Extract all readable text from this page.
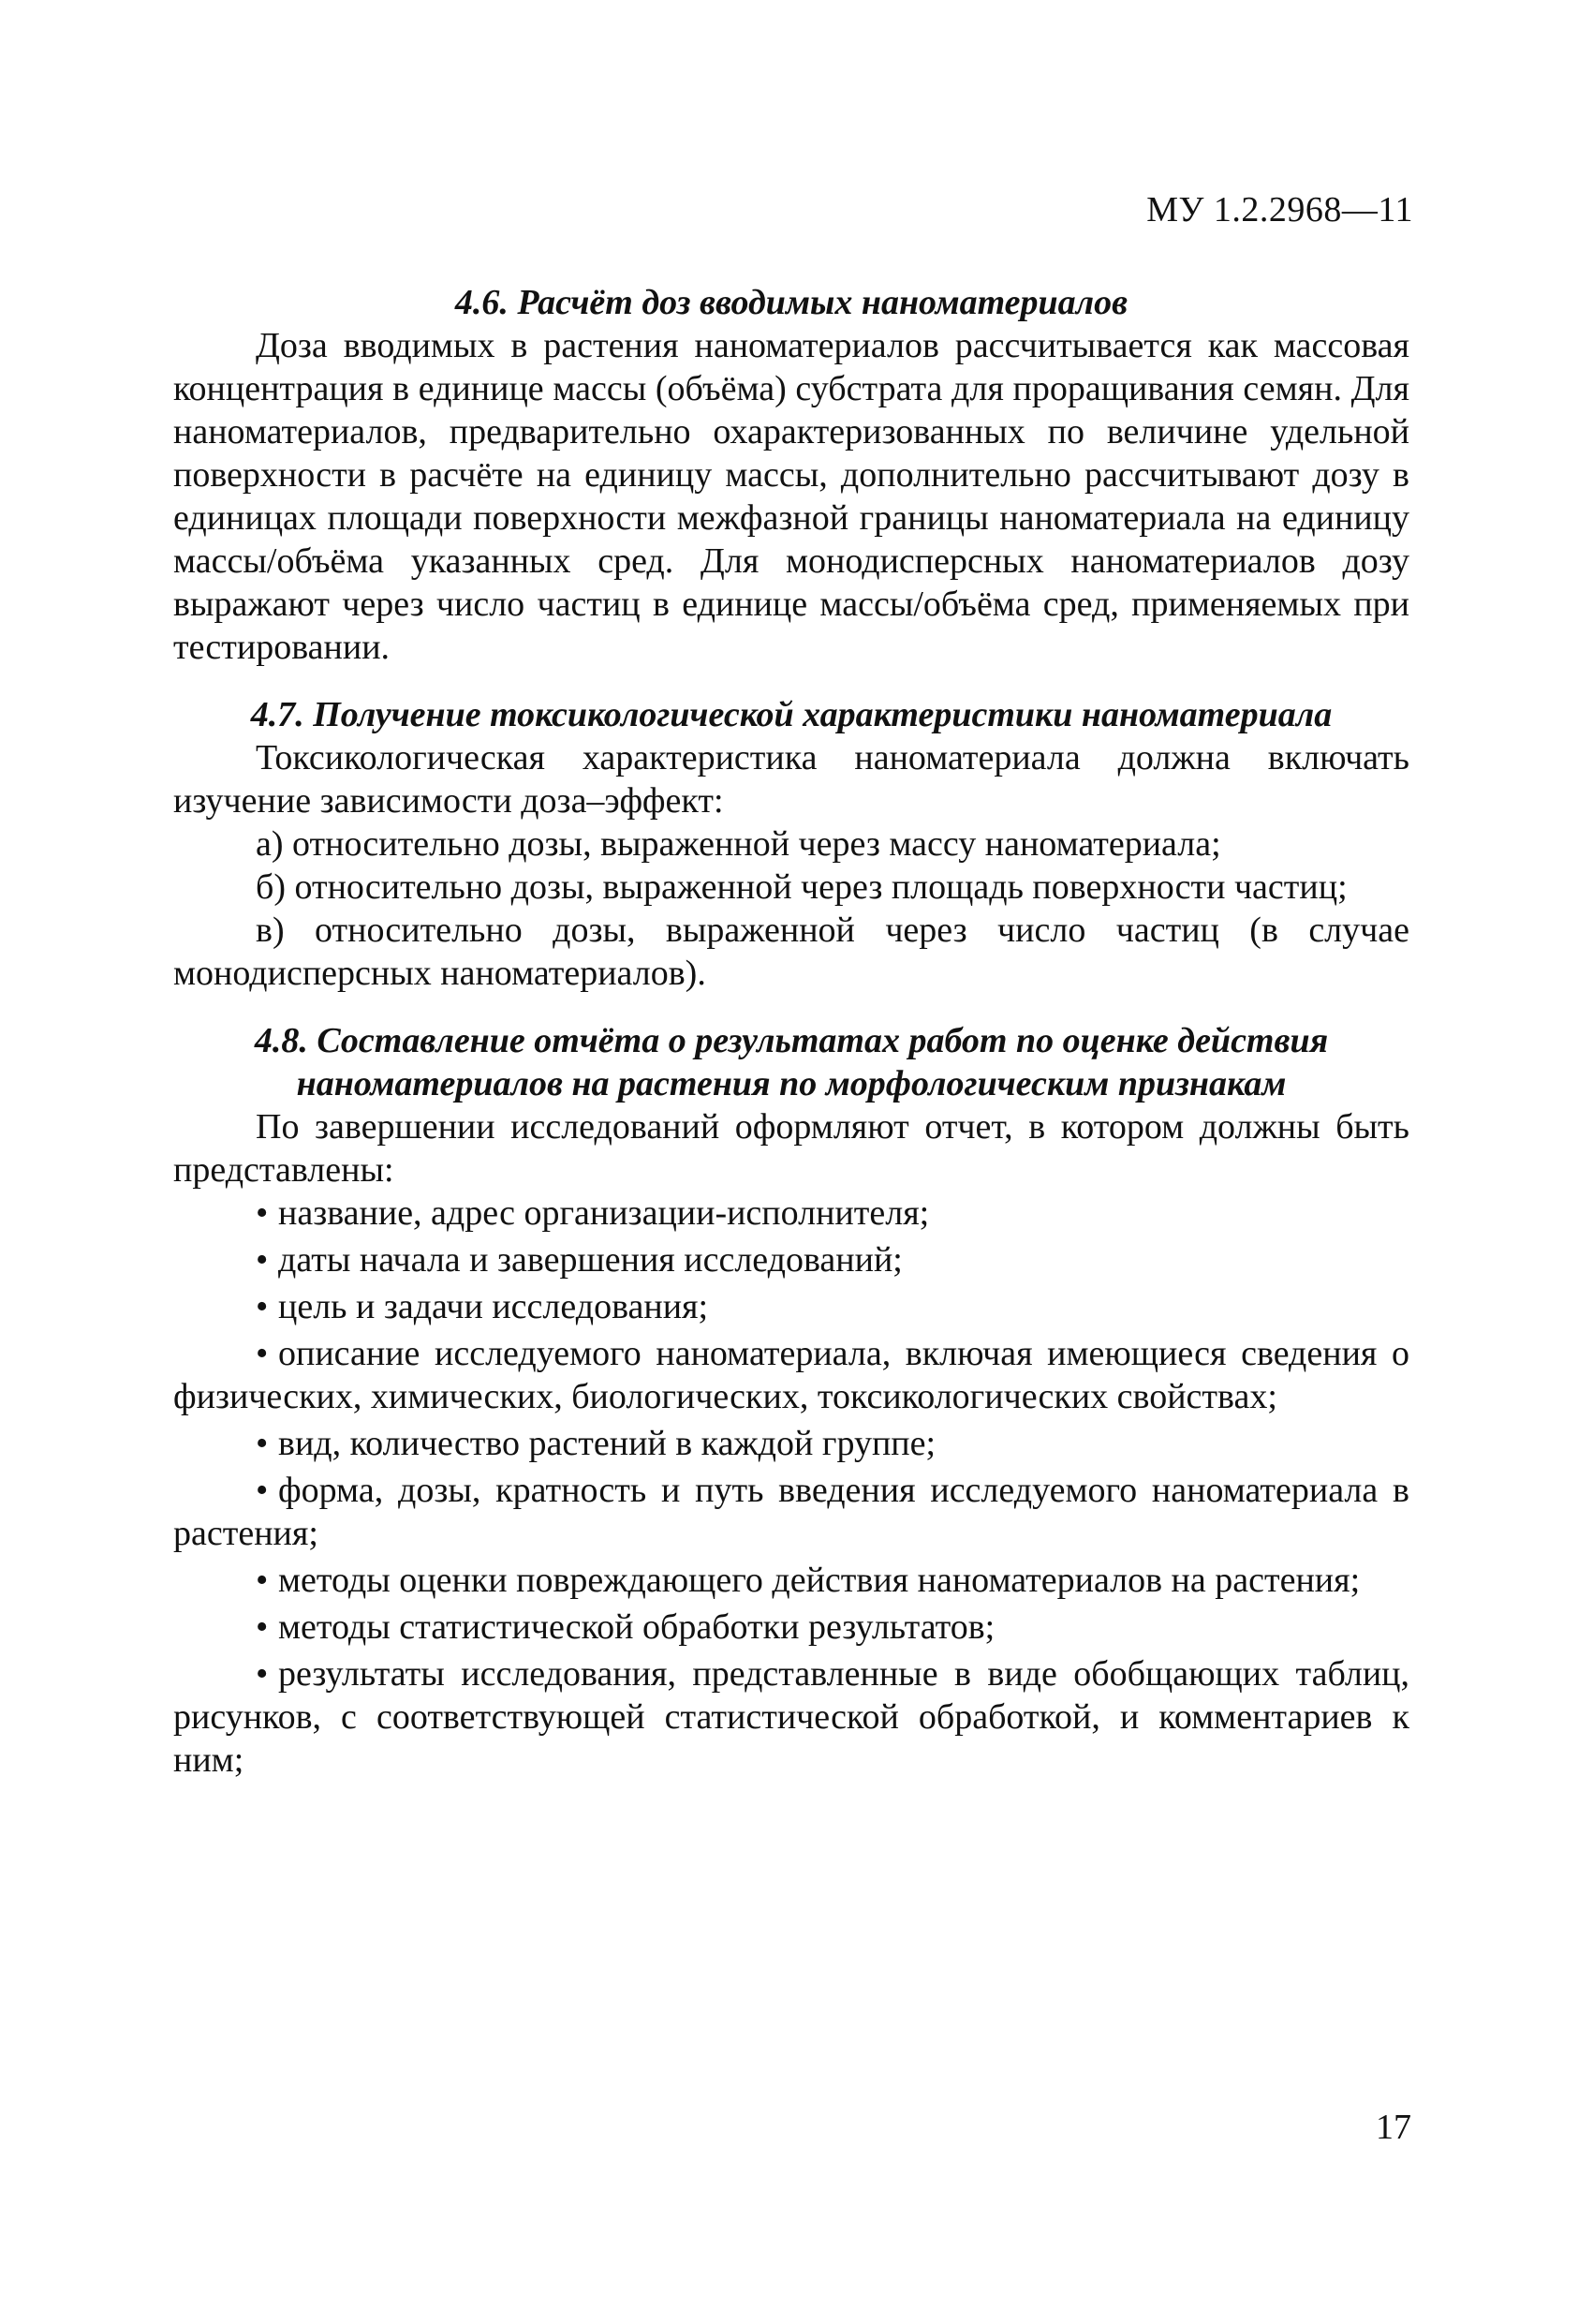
МУ 1.2.2968—11
4.6. Расчёт доз вводимых наноматериалов

Доза вводимых в растения наноматериалов рассчитывается как массовая концентрация в единице массы (объёма) субстрата для проращивания семян. Для наноматериалов, предварительно охарактеризованных по величине удельной поверхности в расчёте на единицу массы, дополнительно рассчитывают дозу в единицах площади поверхности межфазной границы наноматериала на единицу массы/объёма указанных сред. Для монодисперсных наноматериалов дозу выражают через число частиц в единице массы/объёма сред, применяемых при тестировании.

4.7. Получение токсикологической характеристики наноматериала

Токсикологическая характеристика наноматериала должна включать изучение зависимости доза–эффект:

а) относительно дозы, выраженной через массу наноматериала;

б) относительно дозы, выраженной через площадь поверхности частиц;

в) относительно дозы, выраженной через число частиц (в случае монодисперсных наноматериалов).

4.8. Составление отчёта о результатах работ по оценке действия наноматериалов на растения по морфологическим признакам

По завершении исследований оформляют отчет, в котором должны быть представлены:

• название, адрес организации-исполнителя;
• даты начала и завершения исследований;
• цель и задачи исследования;
• описание исследуемого наноматериала, включая имеющиеся сведения о физических, химических, биологических, токсикологических свойствах;
• вид, количество растений в каждой группе;
• форма, дозы, кратность и путь введения исследуемого наноматериала в растения;
• методы оценки повреждающего действия наноматериалов на растения;
• методы статистической обработки результатов;
• результаты исследования, представленные в виде обобщающих таблиц, рисунков, с соответствующей статистической обработкой, и комментариев к ним;
17
